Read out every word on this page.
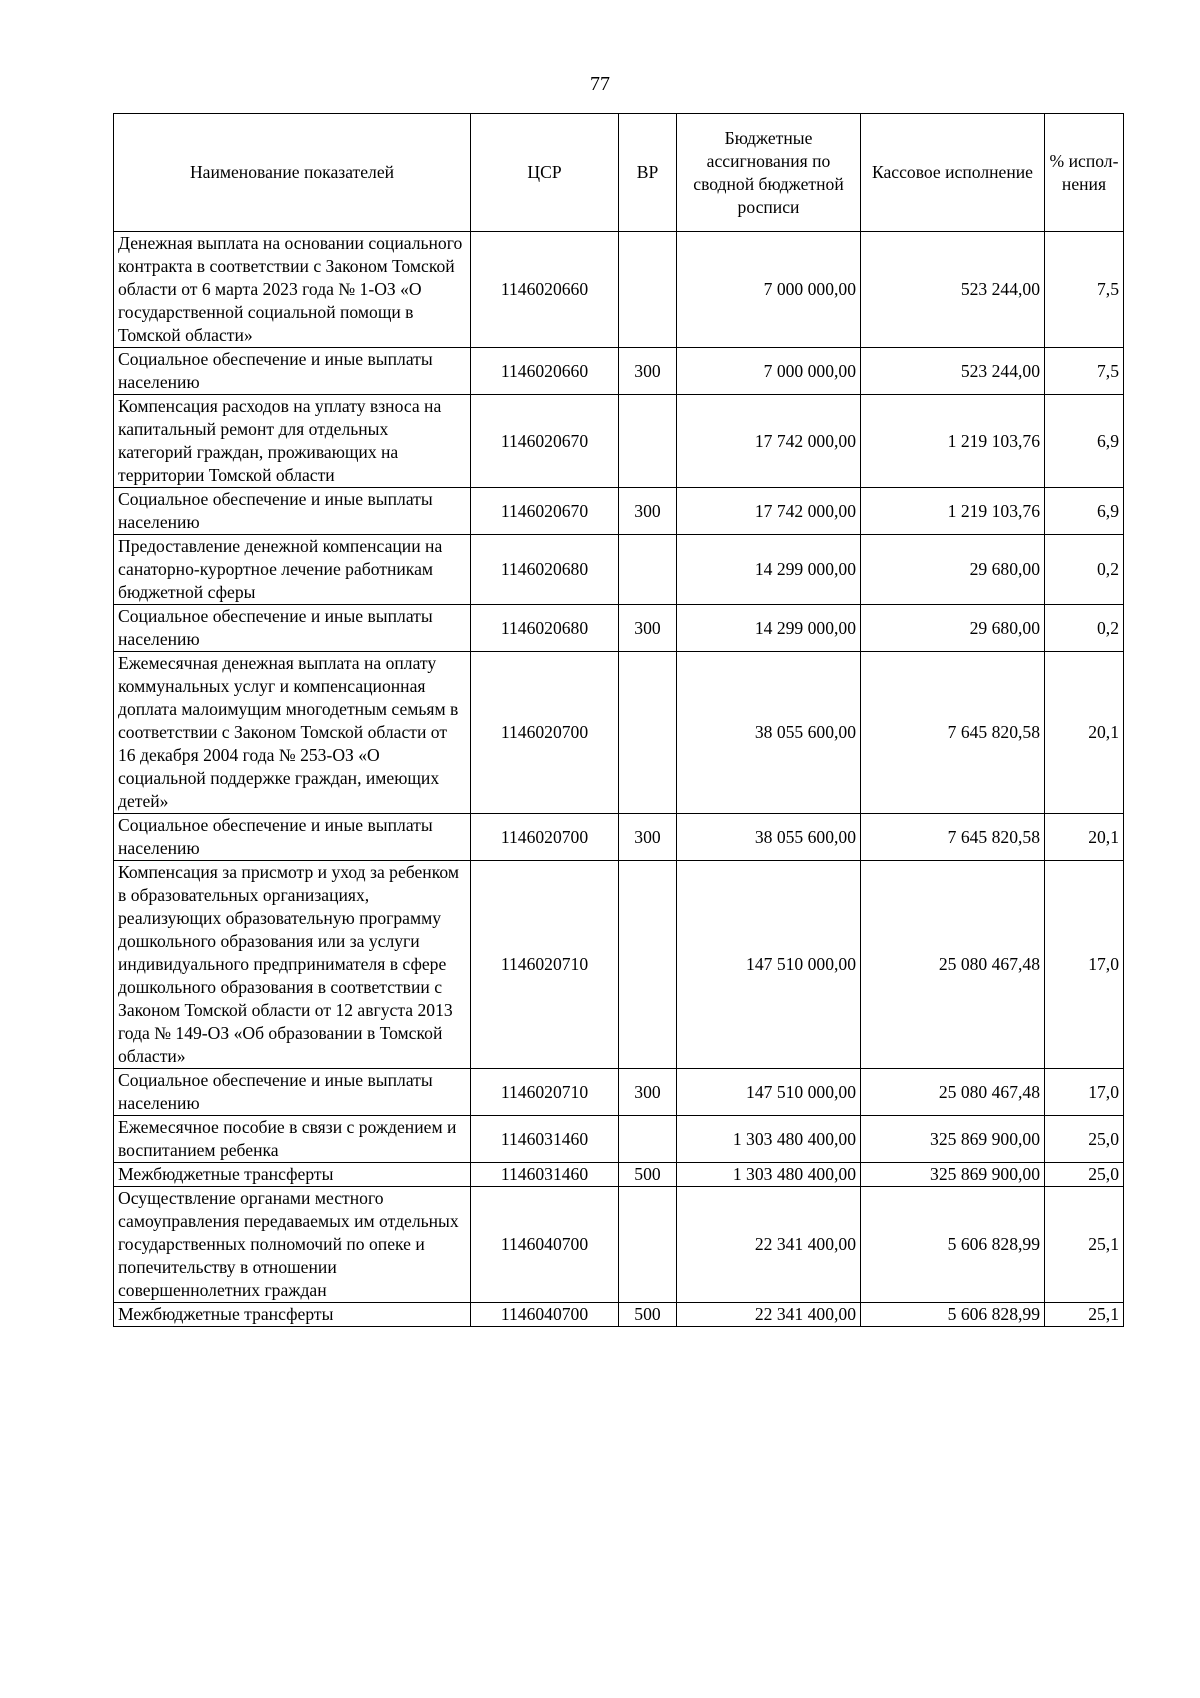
77
Наименование показателей	ЦСР	ВР	Бюджетные ассигнования по сводной бюджетной росписи	Кассовое исполнение	% испол-нения
Денежная выплата на основании социального контракта в соответствии с Законом Томской области от 6 марта 2023 года № 1-ОЗ «О государственной социальной помощи в Томской области»	1146020660		7 000 000,00	523 244,00	7,5
Социальное обеспечение и иные выплаты населению	1146020660	300	7 000 000,00	523 244,00	7,5
Компенсация расходов на уплату взноса на капитальный ремонт для отдельных категорий граждан, проживающих на территории Томской области	1146020670		17 742 000,00	1 219 103,76	6,9
Социальное обеспечение и иные выплаты населению	1146020670	300	17 742 000,00	1 219 103,76	6,9
Предоставление денежной компенсации на санаторно-курортное лечение работникам бюджетной сферы	1146020680		14 299 000,00	29 680,00	0,2
Социальное обеспечение и иные выплаты населению	1146020680	300	14 299 000,00	29 680,00	0,2
Ежемесячная денежная выплата на оплату коммунальных услуг и компенсационная доплата малоимущим многодетным семьям в соответствии с Законом Томской области от 16 декабря 2004 года № 253-ОЗ «О социальной поддержке граждан, имеющих детей»	1146020700		38 055 600,00	7 645 820,58	20,1
Социальное обеспечение и иные выплаты населению	1146020700	300	38 055 600,00	7 645 820,58	20,1
Компенсация за присмотр и уход за ребенком в образовательных организациях, реализующих образовательную программу дошкольного образования или за услуги индивидуального предпринимателя в сфере дошкольного образования в соответствии с Законом Томской области от 12 августа 2013 года № 149-ОЗ «Об образовании в Томской области»	1146020710		147 510 000,00	25 080 467,48	17,0
Социальное обеспечение и иные выплаты населению	1146020710	300	147 510 000,00	25 080 467,48	17,0
Ежемесячное пособие в связи с рождением и воспитанием ребенка	1146031460		1 303 480 400,00	325 869 900,00	25,0
Межбюджетные трансферты	1146031460	500	1 303 480 400,00	325 869 900,00	25,0
Осуществление органами местного самоуправления передаваемых им отдельных государственных полномочий по опеке и попечительству в отношении совершеннолетних граждан	1146040700		22 341 400,00	5 606 828,99	25,1
Межбюджетные трансферты	1146040700	500	22 341 400,00	5 606 828,99	25,1
